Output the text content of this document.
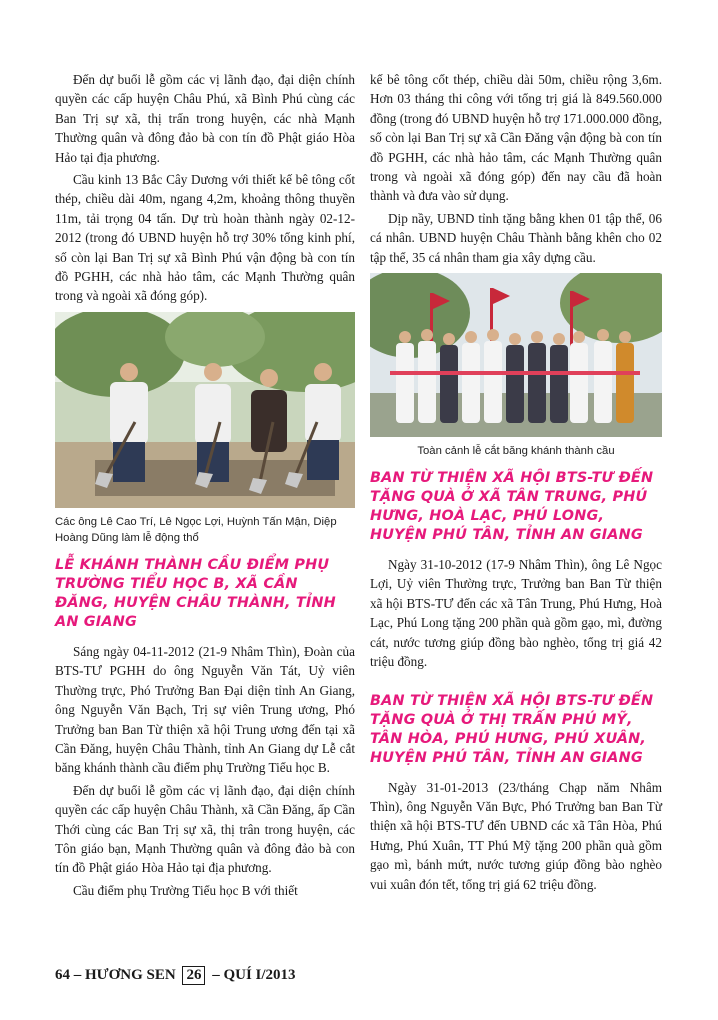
Đến dự buổi lễ gồm các vị lãnh đạo, đại diện chính quyền các cấp huyện Châu Phú, xã Bình Phú cùng các Ban Trị sự xã, thị trấn trong huyện, các nhà Mạnh Thường quân và đông đảo bà con tín đồ Phật giáo Hòa Hảo tại địa phương.

Cầu kinh 13 Bắc Cây Dương với thiết kế bê tông cốt thép, chiều dài 40m, ngang 4,2m, khoảng thông thuyền 11m, tải trọng 04 tấn. Dự trù hoàn thành ngày 02-12-2012 (trong đó UBND huyện hỗ trợ 30% tổng kinh phí, số còn lại Ban Trị sự xã Bình Phú vận động bà con tín đồ PGHH, các nhà hảo tâm, các Mạnh Thường quân trong và ngoài xã đóng góp).

Các ông Lê Cao Trí, Lê Ngọc Lợi, Huỳnh Tấn Mận, Diệp Hoàng Dũng làm lễ động thổ
LỄ KHÁNH THÀNH CẦU ĐIỂM PHỤ TRƯỜNG TIỂU HỌC B, XÃ CẦN ĐĂNG, HUYỆN CHÂU THÀNH, TỈNH AN GIANG

Sáng ngày 04-11-2012 (21-9 Nhâm Thìn), Đoàn của BTS-TƯ PGHH do ông Nguyễn Văn Tát, Uỷ viên Thường trực, Phó Trưởng Ban Đại diện tỉnh An Giang, ông Nguyễn Văn Bạch, Trị sự viên Trung ương, Phó Trưởng ban Ban Từ thiện xã hội Trung ương đến tại xã Cần Đăng, huyện Châu Thành, tỉnh An Giang dự Lễ cắt băng khánh thành cầu điểm phụ Trường Tiểu học B.

Đến dự buổi lễ gồm các vị lãnh đạo, đại diện chính quyền các cấp huyện Châu Thành, xã Cần Đăng, ấp Cần Thới cùng các Ban Trị sự xã, thị trân trong huyện, các Tôn giáo bạn, Mạnh Thường quân và đông đảo bà con tín đồ Phật giáo Hòa Hảo tại địa phương.

Cầu điểm phụ Trường Tiểu học B với thiết

kế bê tông cốt thép, chiều dài 50m, chiều rộng 3,6m. Hơn 03 tháng thi công với tổng trị giá là 849.560.000 đồng (trong đó UBND huyện hỗ trợ 171.000.000 đồng, số còn lại Ban Trị sự xã Cần Đăng vận động bà con tín đồ PGHH, các nhà hảo tâm, các Mạnh Thường quân trong và ngoài xã đóng góp) đến nay cầu đã hoàn thành và đưa vào sử dụng.

Dịp nầy, UBND tỉnh tặng bằng khen 01 tập thể, 06 cá nhân. UBND huyện Châu Thành bằng khên cho 02 tập thể, 35 cá nhân tham gia xây dựng cầu.

Toàn cảnh lễ cắt băng khánh thành cầu
BAN TỪ THIỆN XÃ HỘI BTS-TƯ ĐẾN TẶNG QUÀ Ở XÃ TÂN TRUNG, PHÚ HƯNG, HOÀ LẠC, PHÚ LONG, HUYỆN PHÚ TÂN, TỈNH AN GIANG

Ngày 31-10-2012 (17-9 Nhâm Thìn), ông Lê Ngọc Lợi, Uỷ viên Thường trực, Trưởng ban Ban Từ thiện xã hội BTS-TƯ đến các xã Tân Trung, Phú Hưng, Hoà Lạc, Phú Long tặng 200 phần quà gồm gạo, mì, đường cát, nước tương giúp đồng bào nghèo, tổng trị giá 42 triệu đồng.

BAN TỪ THIỆN XÃ HỘI BTS-TƯ ĐẾN TẶNG QUÀ Ở THỊ TRẤN PHÚ MỸ, TÂN HÒA, PHÚ HƯNG, PHÚ XUÂN, HUYỆN PHÚ TÂN, TỈNH AN GIANG

Ngày 31-01-2013 (23/tháng Chạp năm Nhâm Thìn), ông Nguyễn Văn Bực, Phó Trưởng ban Ban Từ thiện xã hội BTS-TƯ đến UBND các xã Tân Hòa, Phú Hưng, Phú Xuân, TT Phú Mỹ tặng 200 phần quà gồm gạo mì, bánh mứt, nước tương giúp đồng bào nghèo vui xuân đón tết, tổng trị giá 62 triệu đồng.

64 – HƯƠNG SEN 26 – QUÍ I/2013
